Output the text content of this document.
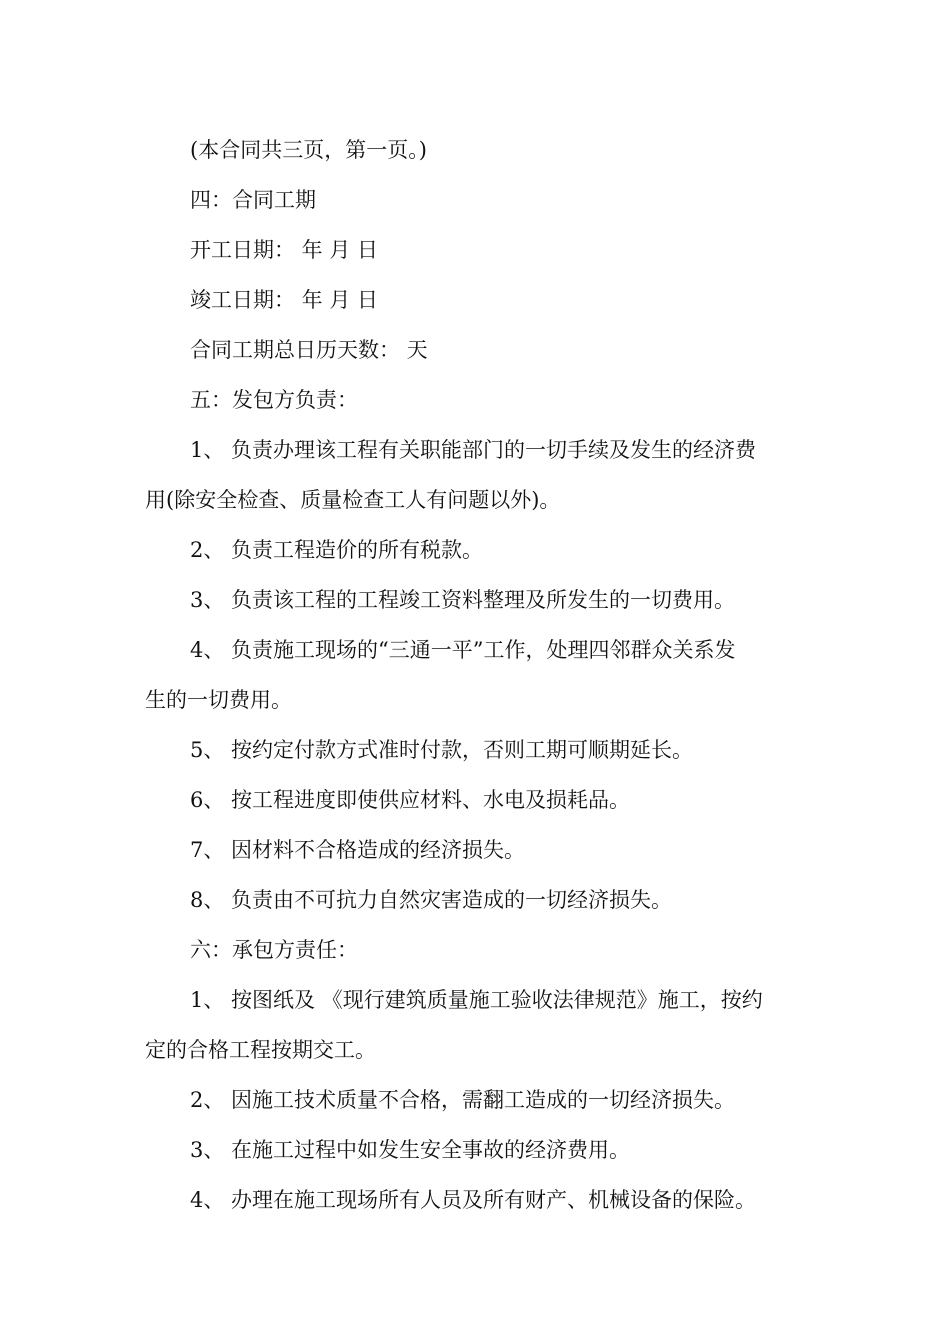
(本合同共三页，第一页。)
四：合同工期
开工日期： 年 月 日
竣工日期： 年 月 日
合同工期总日历天数： 天
五：发包方负责：
1、 负责办理该工程有关职能部门的一切手续及发生的经济费
用(除安全检查、质量检查工人有问题以外)。
2、 负责工程造价的所有税款。
3、 负责该工程的工程竣工资料整理及所发生的一切费用。
4、 负责施工现场的“三通一平”工作，处理四邻群众关系发
生的一切费用。
5、 按约定付款方式准时付款，否则工期可顺期延长。
6、 按工程进度即使供应材料、水电及损耗品。
7、 因材料不合格造成的经济损失。
8、 负责由不可抗力自然灾害造成的一切经济损失。
六：承包方责任：
1、 按图纸及 《现行建筑质量施工验收法律规范》施工，按约
定的合格工程按期交工。
2、 因施工技术质量不合格，需翻工造成的一切经济损失。
3、 在施工过程中如发生安全事故的经济费用。
4、 办理在施工现场所有人员及所有财产、机械设备的保险。
